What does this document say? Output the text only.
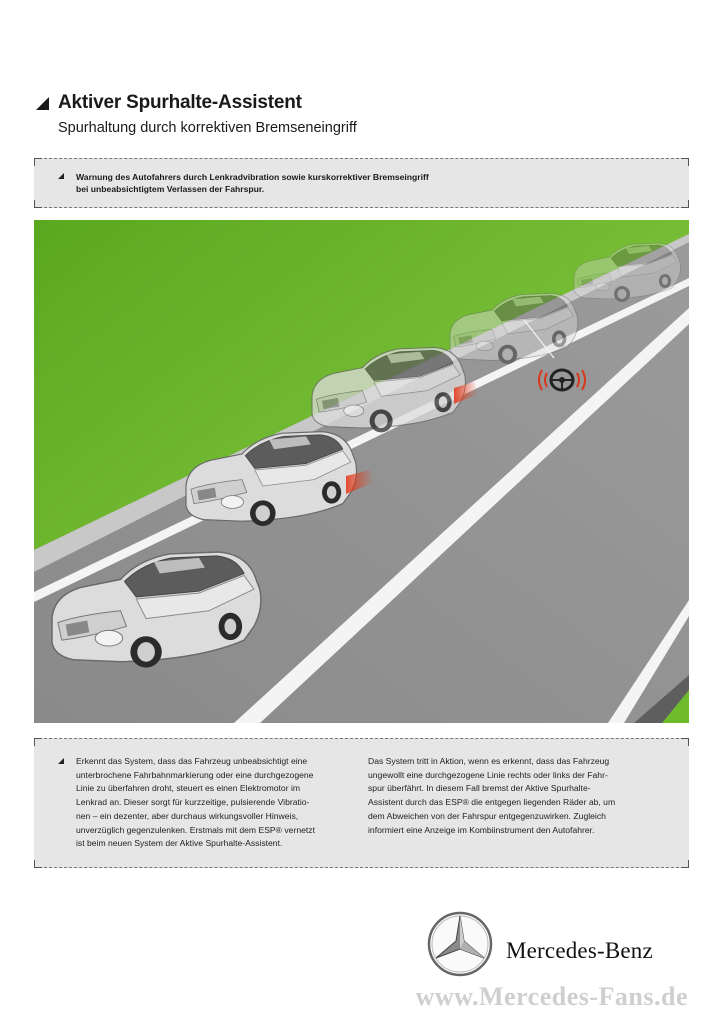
Aktiver Spurhalte-Assistent
Spurhaltung durch korrektiven Bremseneingriff
Warnung des Autofahrers durch Lenkradvibration sowie kurskorrektiver Bremseingriff
bei unbeabsichtigtem Verlassen der Fahrspur.
Erkennt das System, dass das Fahrzeug unbeabsichtigt eine
unterbrochene Fahrbahnmarkierung oder eine durchgezogene
Linie zu überfahren droht, steuert es einen Elektromotor im
Lenkrad an. Dieser sorgt für kurzzeitige, pulsierende Vibratio-
nen – ein dezenter, aber durchaus wirkungsvoller Hinweis,
unverzüglich gegenzulenken. Erstmals mit dem ESP® vernetzt
ist beim neuen System der Aktive Spurhalte-Assistent.
Das System tritt in Aktion, wenn es erkennt, dass das Fahrzeug
ungewollt eine durchgezogene Linie rechts oder links der Fahr-
spur überfährt. In diesem Fall bremst der Aktive Spurhalte-
Assistent durch das ESP® die entgegen liegenden Räder ab, um
dem Abweichen von der Fahrspur entgegenzuwirken. Zugleich
informiert eine Anzeige im Kombiinstrument den Autofahrer.
Mercedes-Benz
www.Mercedes-Fans.de
